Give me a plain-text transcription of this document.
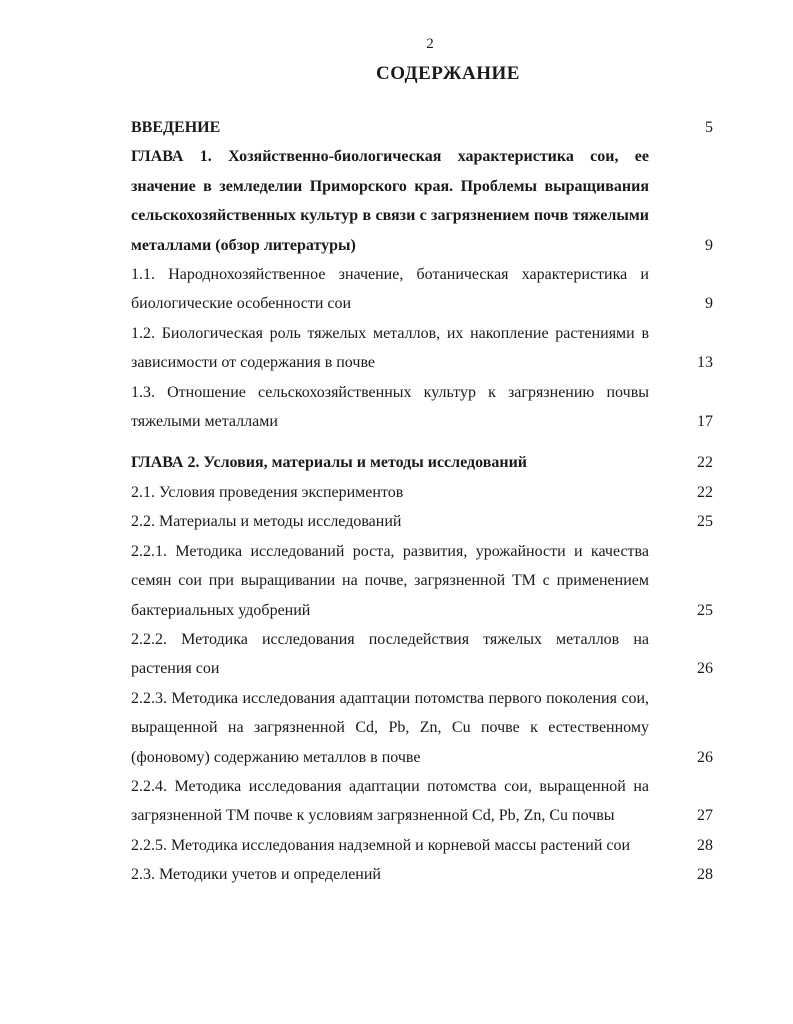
2
СОДЕРЖАНИЕ
ВВЕДЕНИЕ	5
ГЛАВА 1. Хозяйственно-биологическая характеристика сои, ее значение в земледелии Приморского края. Проблемы выращивания сельскохозяйственных культур в связи с загрязнением почв тяжелыми металлами (обзор литературы)	9
1.1. Народнохозяйственное значение, ботаническая характеристика и биологические особенности сои	9
1.2. Биологическая роль тяжелых металлов, их накопление растениями в зависимости от содержания в почве	13
1.3. Отношение сельскохозяйственных культур к загрязнению почвы тяжелыми металлами	17
ГЛАВА 2. Условия, материалы и методы исследований	22
2.1. Условия проведения экспериментов	22
2.2. Материалы и методы исследований	25
2.2.1. Методика исследований роста, развития, урожайности и качества семян сои при выращивании на почве, загрязненной ТМ с применением бактериальных удобрений	25
2.2.2. Методика исследования последействия тяжелых металлов на растения сои	26
2.2.3. Методика исследования адаптации потомства первого поколения сои, выращенной на загрязненной Cd, Pb, Zn, Cu почве к естественному (фоновому) содержанию металлов в почве	26
2.2.4. Методика исследования адаптации потомства сои, выращенной на загрязненной ТМ почве к условиям загрязненной Cd, Pb, Zn, Cu почвы	27
2.2.5. Методика исследования надземной и корневой массы растений сои	28
2.3. Методики учетов и определений	28
